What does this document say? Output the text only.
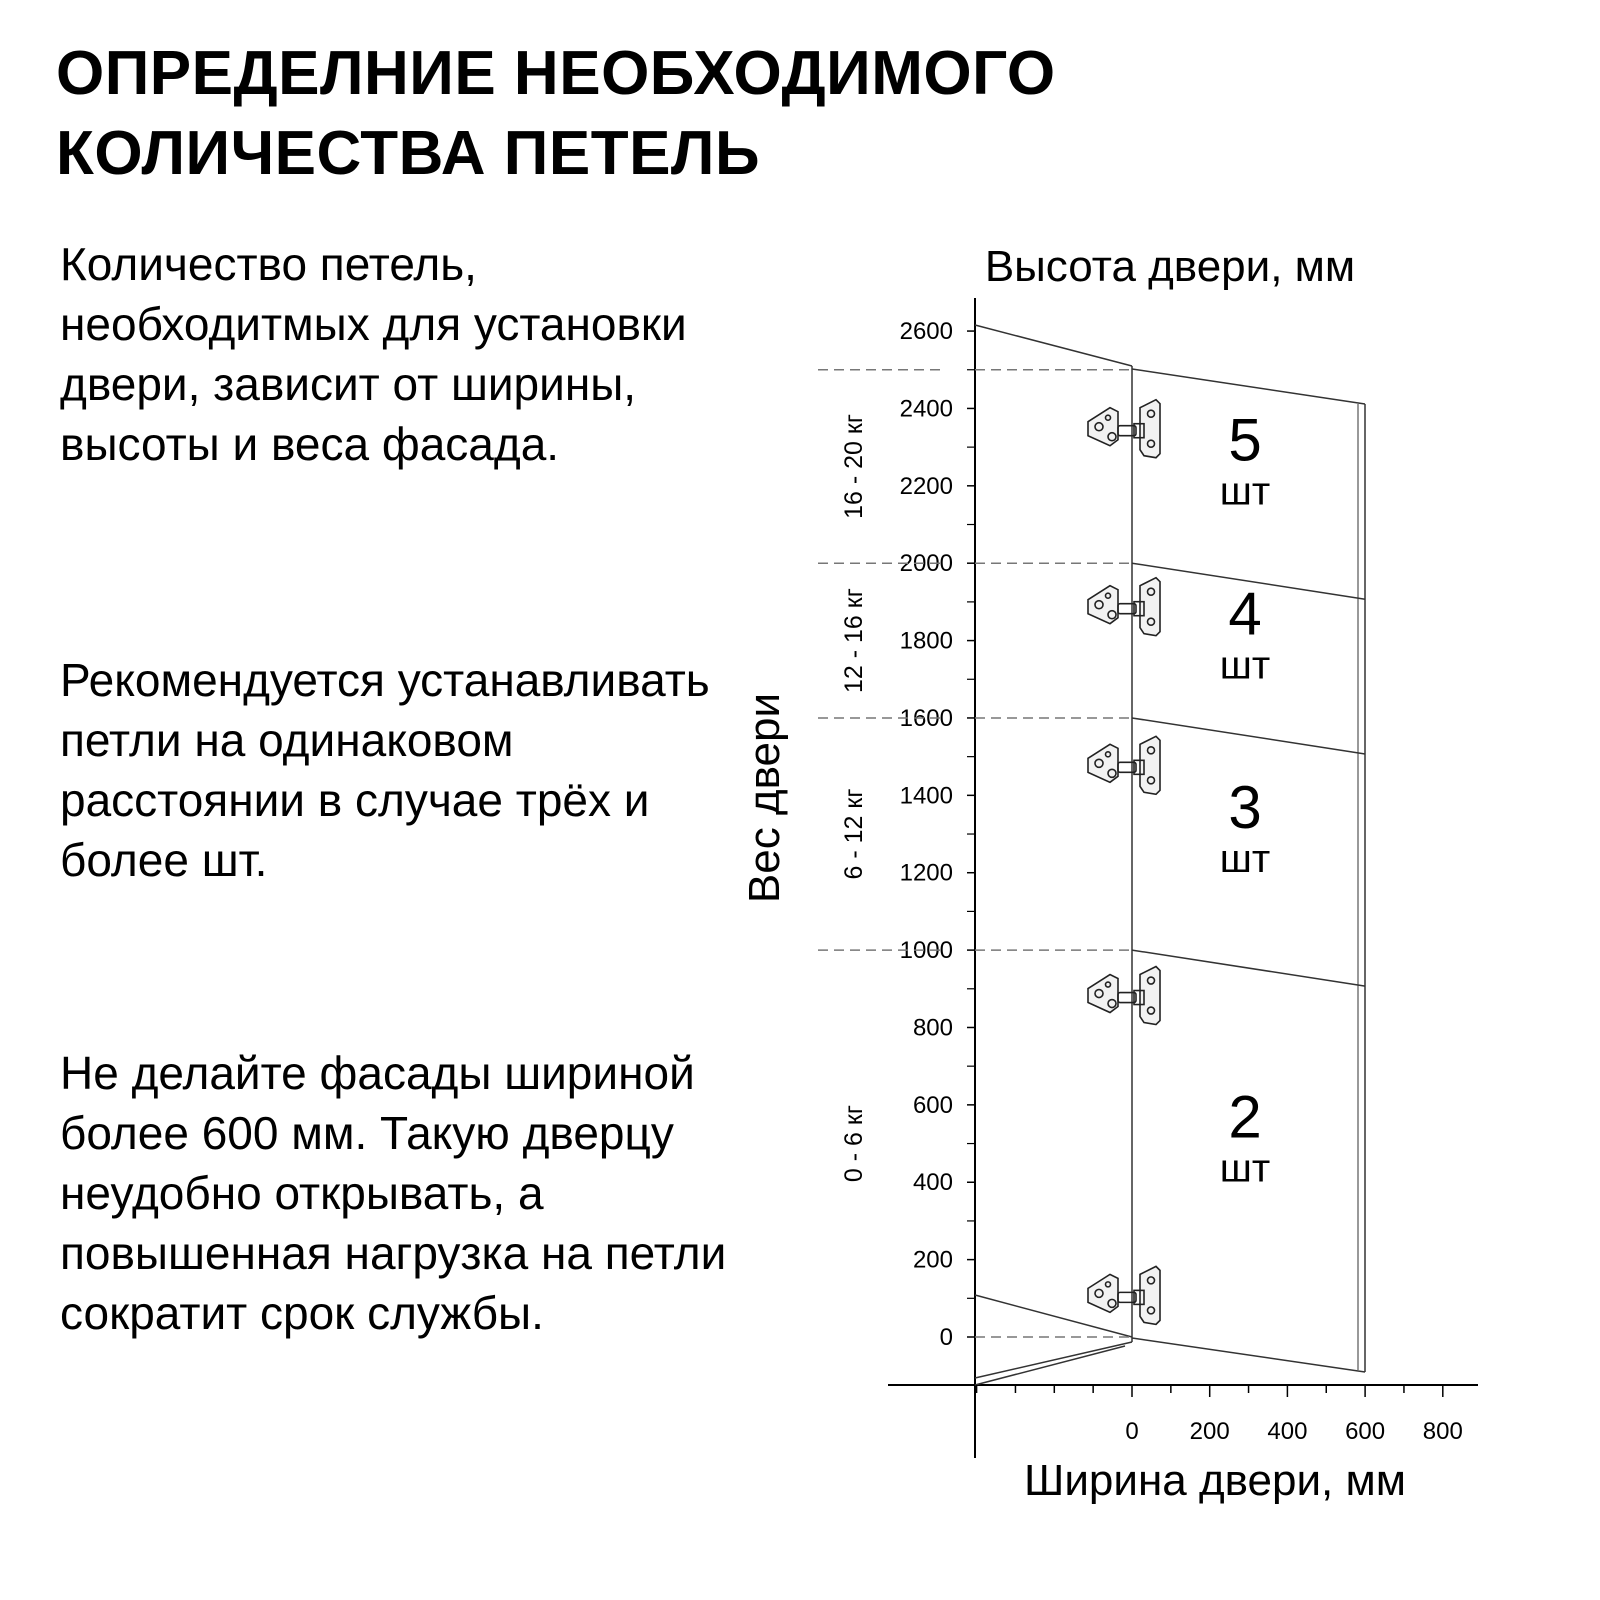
ОПРЕДЕЛНИЕ НЕОБХОДИМОГО
КОЛИЧЕСТВА ПЕТЕЛЬ

Количество петель, необходитмых для установки двери, зависит от ширины, высоты и веса фасада.

Рекомендуется устанавливать петли на одинаковом расстоянии в случае трёх и более шт.

Не делайте фасады шириной более 600 мм. Такую дверцу неудобно открывать, а повышенная нагрузка на петли сократит срок службы.	0
200
400
600
800
1000
1200
1400
1600
1800
2000
2200
2400
2600
0 200 400 600 800
0 - 6 кг
6 - 12 кг
12 - 16 кг
16 - 20 кг
2
шт
3
шт
4
шт
5
шт
Высота двери, мм
Ширина двери, мм
Вес двери
